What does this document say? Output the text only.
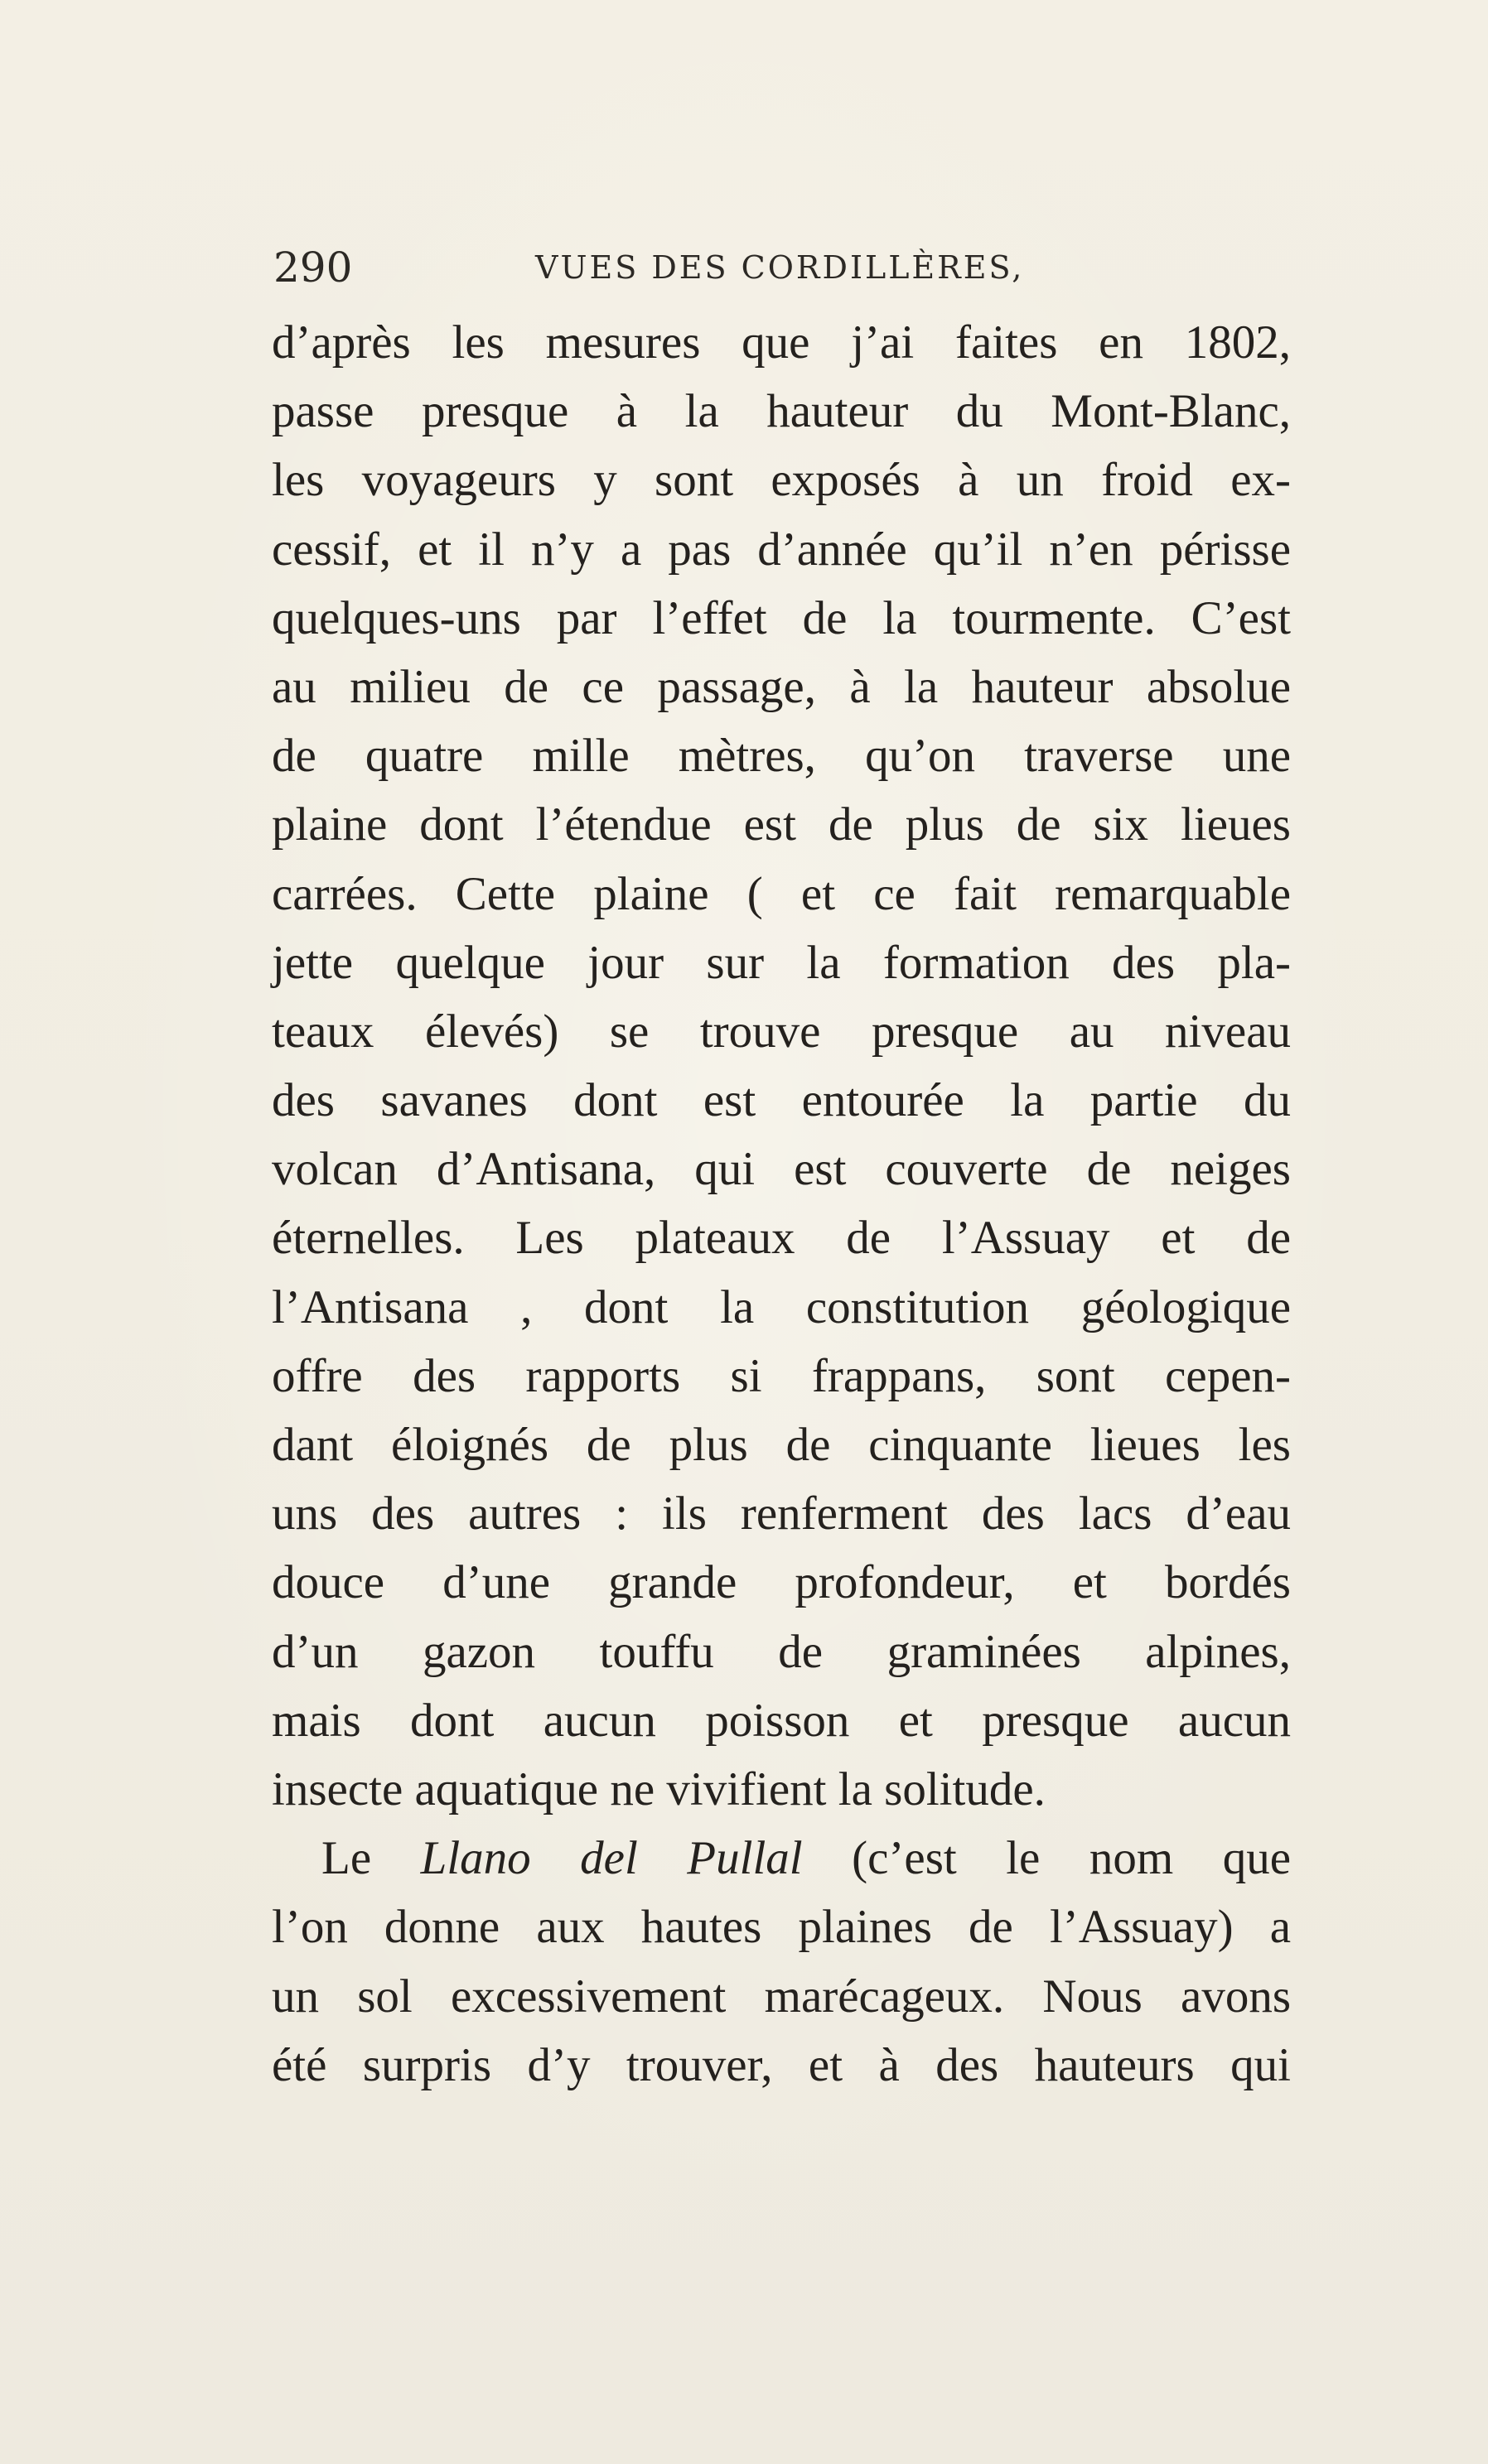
290	VUES DES CORDILLÈRES,
d’après les mesures que j’ai faites en 1802,
passe presque à la hauteur du Mont-Blanc,
les voyageurs y sont exposés à un froid ex-
cessif, et il n’y a pas d’année qu’il n’en périsse
quelques-uns par l’effet de la tourmente. C’est
au milieu de ce passage, à la hauteur absolue
de quatre mille mètres, qu’on traverse une
plaine dont l’étendue est de plus de six lieues
carrées. Cette plaine ( et ce fait remarquable
jette quelque jour sur la formation des pla-
teaux élevés) se trouve presque au niveau
des savanes dont est entourée la partie du
volcan d’Antisana, qui est couverte de neiges
éternelles. Les plateaux de l’Assuay et de
l’Antisana , dont la constitution géologique
offre des rapports si frappans, sont cepen-
dant éloignés de plus de cinquante lieues les
uns des autres : ils renferment des lacs d’eau
douce d’une grande profondeur, et bordés
d’un gazon touffu de graminées alpines,
mais dont aucun poisson et presque aucun
insecte aquatique ne vivifient la solitude.
Le Llano del Pullal (c’est le nom que
l’on donne aux hautes plaines de l’Assuay) a
un sol excessivement marécageux. Nous avons
été surpris d’y trouver, et à des hauteurs qui
